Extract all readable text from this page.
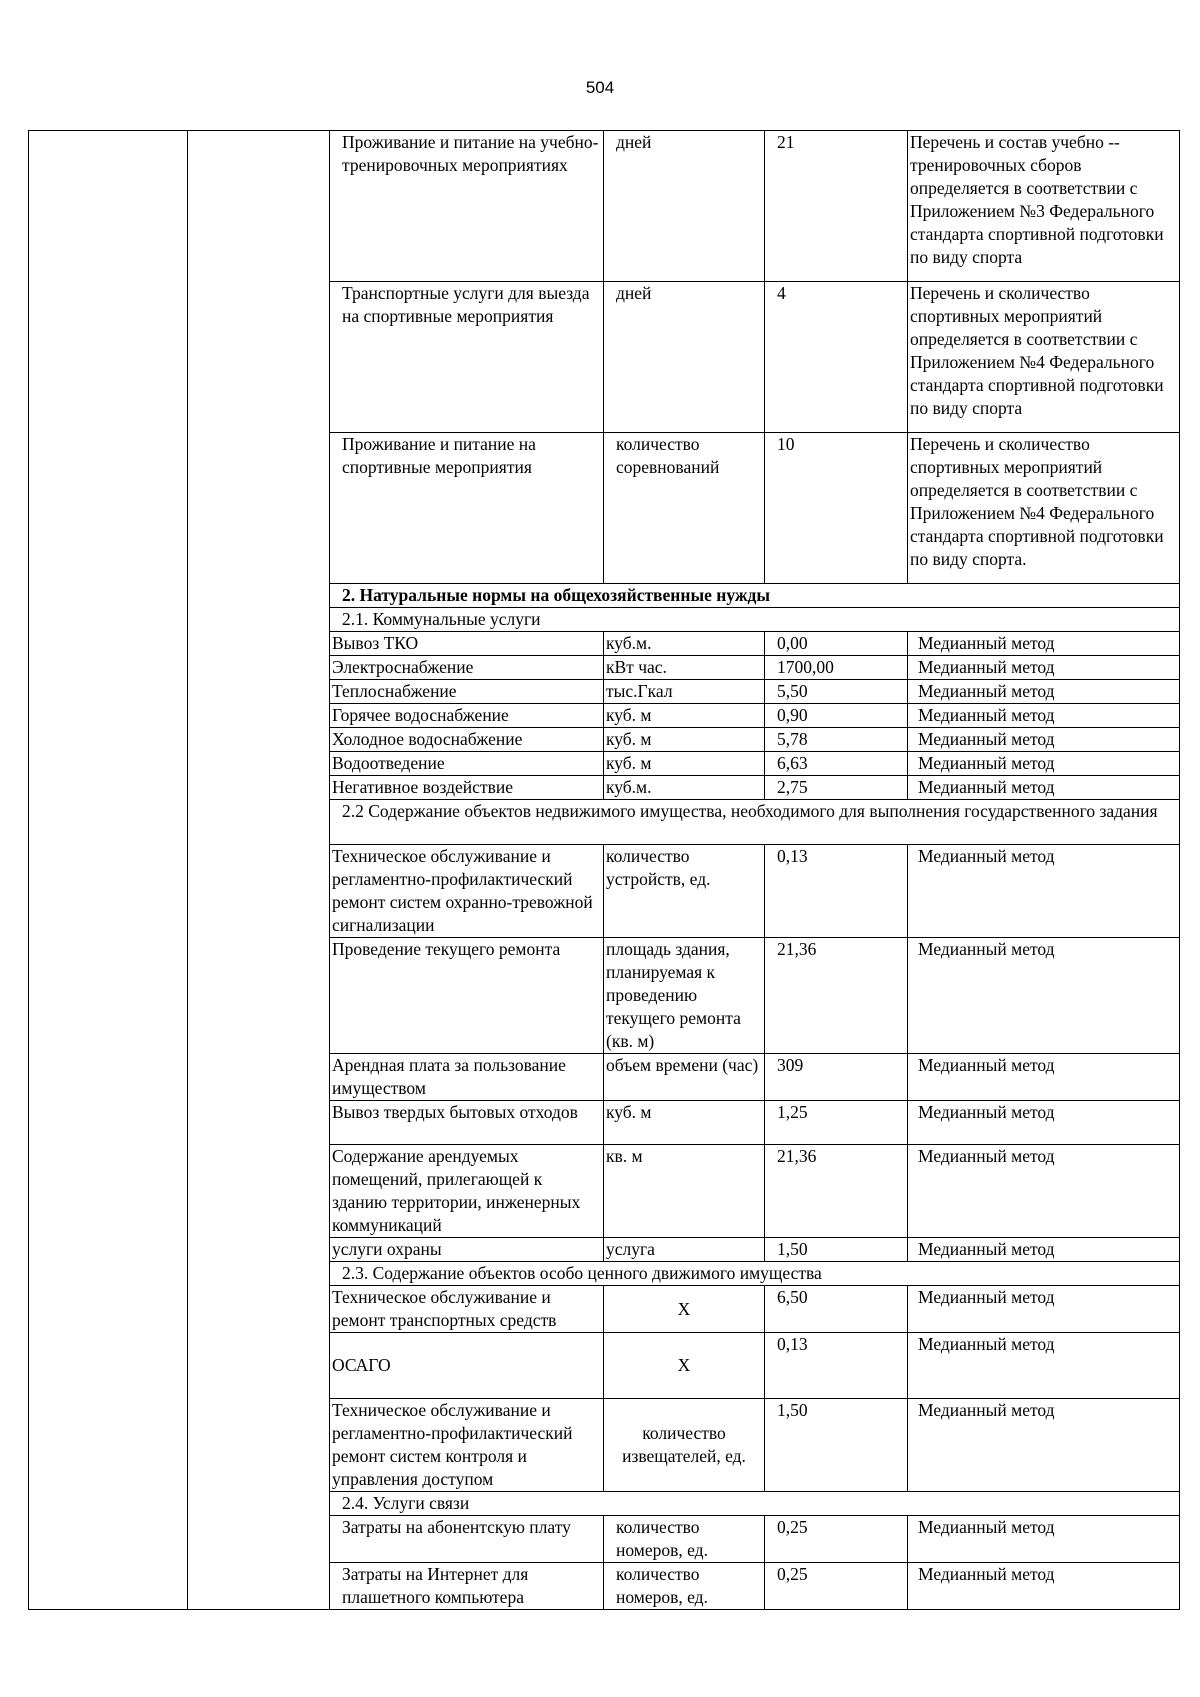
504
		Проживание и питание на учебно-тренировочных мероприятиях	дней	21	Перечень и состав учебно -- тренировочных сборов определяется в соответствии с Приложением №3 Федерального стандарта спортивной подготовки по виду спорта
		Транспортные услуги для выезда на спортивные мероприятия	дней	4	Перечень и сколичество спортивных мероприятий определяется в соответствии с Приложением №4 Федерального стандарта спортивной подготовки по виду спорта
		Проживание и питание на спортивные мероприятия	количество соревнований	10	Перечень и сколичество спортивных мероприятий определяется в соответствии с Приложением №4 Федерального стандарта спортивной подготовки по виду спорта.
		2. Натуральные нормы на общехозяйственные нужды			
		2.1. Коммунальные услуги			
		Вывоз ТКО	куб.м.	0,00	Медианный метод
		Электроснабжение	кВт час.	1700,00	Медианный метод
		Теплоснабжение	тыс.Гкал	5,50	Медианный метод
		Горячее водоснабжение	куб. м	0,90	Медианный метод
		Холодное водоснабжение	куб. м	5,78	Медианный метод
		Водоотведение	куб. м	6,63	Медианный метод
		Негативное воздействие	куб.м.	2,75	Медианный метод
		2.2 Содержание объектов недвижимого имущества, необходимого для выполнения государственного задания			
		Техническое обслуживание и регламентно-профилактический ремонт систем охранно-тревожной сигнализации	количество устройств, ед.	0,13	Медианный метод
		Проведение текущего ремонта	площадь здания, планируемая к проведению текущего ремонта (кв. м)	21,36	Медианный метод
		Арендная плата за пользование имуществом	объем времени (час)	309	Медианный метод
		Вывоз твердых бытовых отходов	куб. м	1,25	Медианный метод
		Содержание арендуемых помещений, прилегающей к зданию территории, инженерных коммуникаций	кв. м	21,36	Медианный метод
		услуги охраны	услуга	1,50	Медианный метод
		2.3. Содержание объектов особо ценного движимого имущества			
		Техническое обслуживание и ремонт транспортных средств	Х	6,50	Медианный метод
		ОСАГО	Х	0,13	Медианный метод
		Техническое обслуживание и регламентно-профилактический ремонт систем контроля и управления доступом	количество извещателей, ед.	1,50	Медианный метод
		2.4. Услуги связи			
		Затраты на абонентскую плату	количество номеров, ед.	0,25	Медианный метод
		Затраты на Интернет для плашетного компьютера	количество номеров, ед.	0,25	Медианный метод
